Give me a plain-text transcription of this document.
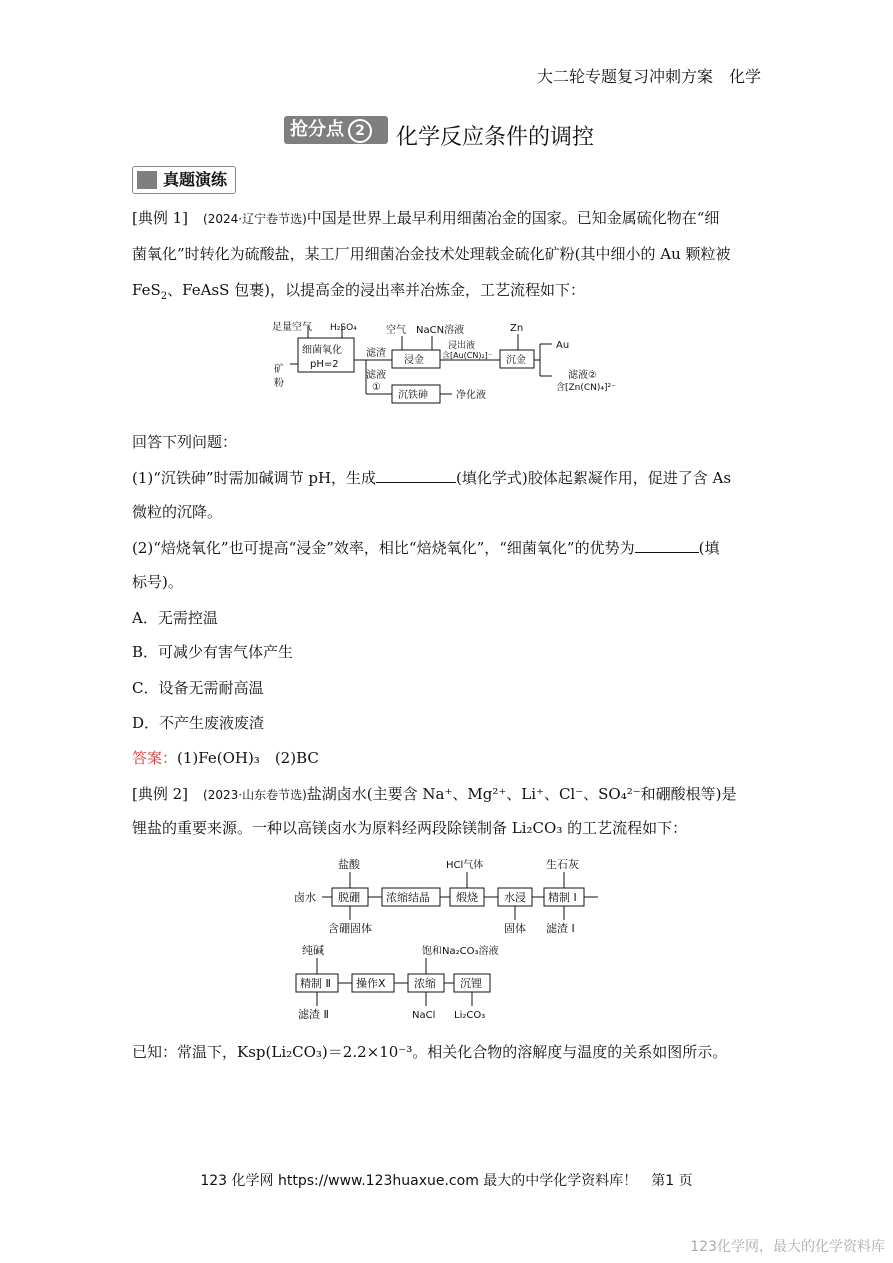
大二轮专题复习冲刺方案　化学
抢分点 2	化学反应条件的调控
真题演练
[典例 1]　 (2024·辽宁卷节选)中国是世界上最早利用细菌冶金的国家。已知金属硫化物在“细
菌氧化”时转化为硫酸盐，某工厂用细菌冶金技术处理载金硫化矿粉(其中细小的 Au 颗粒被
FeS$_2$、FeAsS 包裹)，以提高金的浸出率并冶炼金，工艺流程如下：
矿
粉
足量空气 H₂SO₄
细菌氧化
pH=2
滤渣
滤液
①
空气 NaCN溶液
浸金
浸出液
含[Au(CN)₂]⁻
Zn
沉金
Au
滤液②
含[Zn(CN)₄]²⁻
沉铁砷	净化液
回答下列问题：
(1)“沉铁砷”时需加碱调节 pH，生成	(填化学式)胶体起絮凝作用，促进了含 As
微粒的沉降。
(2)“焙烧氧化”也可提高“浸金”效率，相比“焙烧氧化”，“细菌氧化”的优势为	(填
标号)。
A．无需控温
B．可减少有害气体产生
C．设备无需耐高温
D．不产生废液废渣
答案：(1)Fe(OH)₃　(2)BC
[典例 2]　 (2023·山东卷节选)盐湖卤水(主要含 Na⁺、Mg²⁺、Li⁺、Cl⁻、SO₄²⁻和硼酸根等)是
锂盐的重要来源。一种以高镁卤水为原料经两段除镁制备 Li₂CO₃ 的工艺流程如下：
卤水
盐酸
脱硼
含硼固体
浓缩结晶
HCl气体
煅烧 水浸
固体
生石灰
精制 Ⅰ
滤渣 Ⅰ
纯碱
精制 Ⅱ
滤渣 Ⅱ
操作X
饱和Na₂CO₃溶液
浓缩
NaCl
沉锂
Li₂CO₃
已知：常温下，Ksp(Li₂CO₃)＝2.2×10⁻³。相关化合物的溶解度与温度的关系如图所示。
123 化学网 https://www.123huaxue.com 最大的中学化学资料库！　第1 页
123化学网，最大的化学资料库
